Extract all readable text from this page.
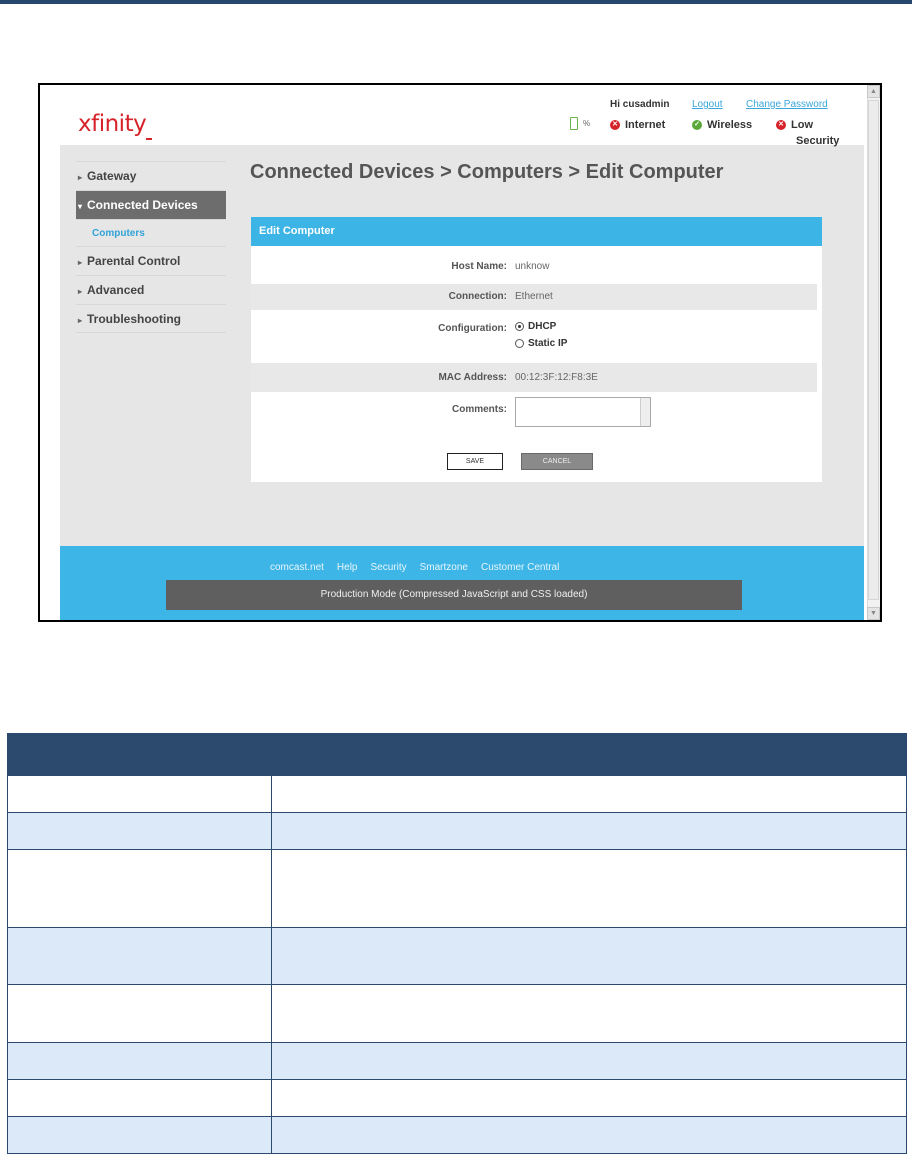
▲
▼
xfinity
Hi cusadmin Logout Change Password
%	✕ Internet	✓ Wireless	✕ Low
Security
▸ Gateway
▾ Connected Devices
Computers
▸ Parental Control
▸ Advanced
▸ Troubleshooting
Connected Devices > Computers > Edit Computer
Edit Computer
Host Name: unknow
Connection: Ethernet
Configuration: DHCP

Static IP
MAC Address: 00:12:3F:12:F8:3E
Comments:
SAVE	CANCEL
comcast.net Help Security Smartzone Customer Central
Production Mode (Compressed JavaScript and CSS loaded)
